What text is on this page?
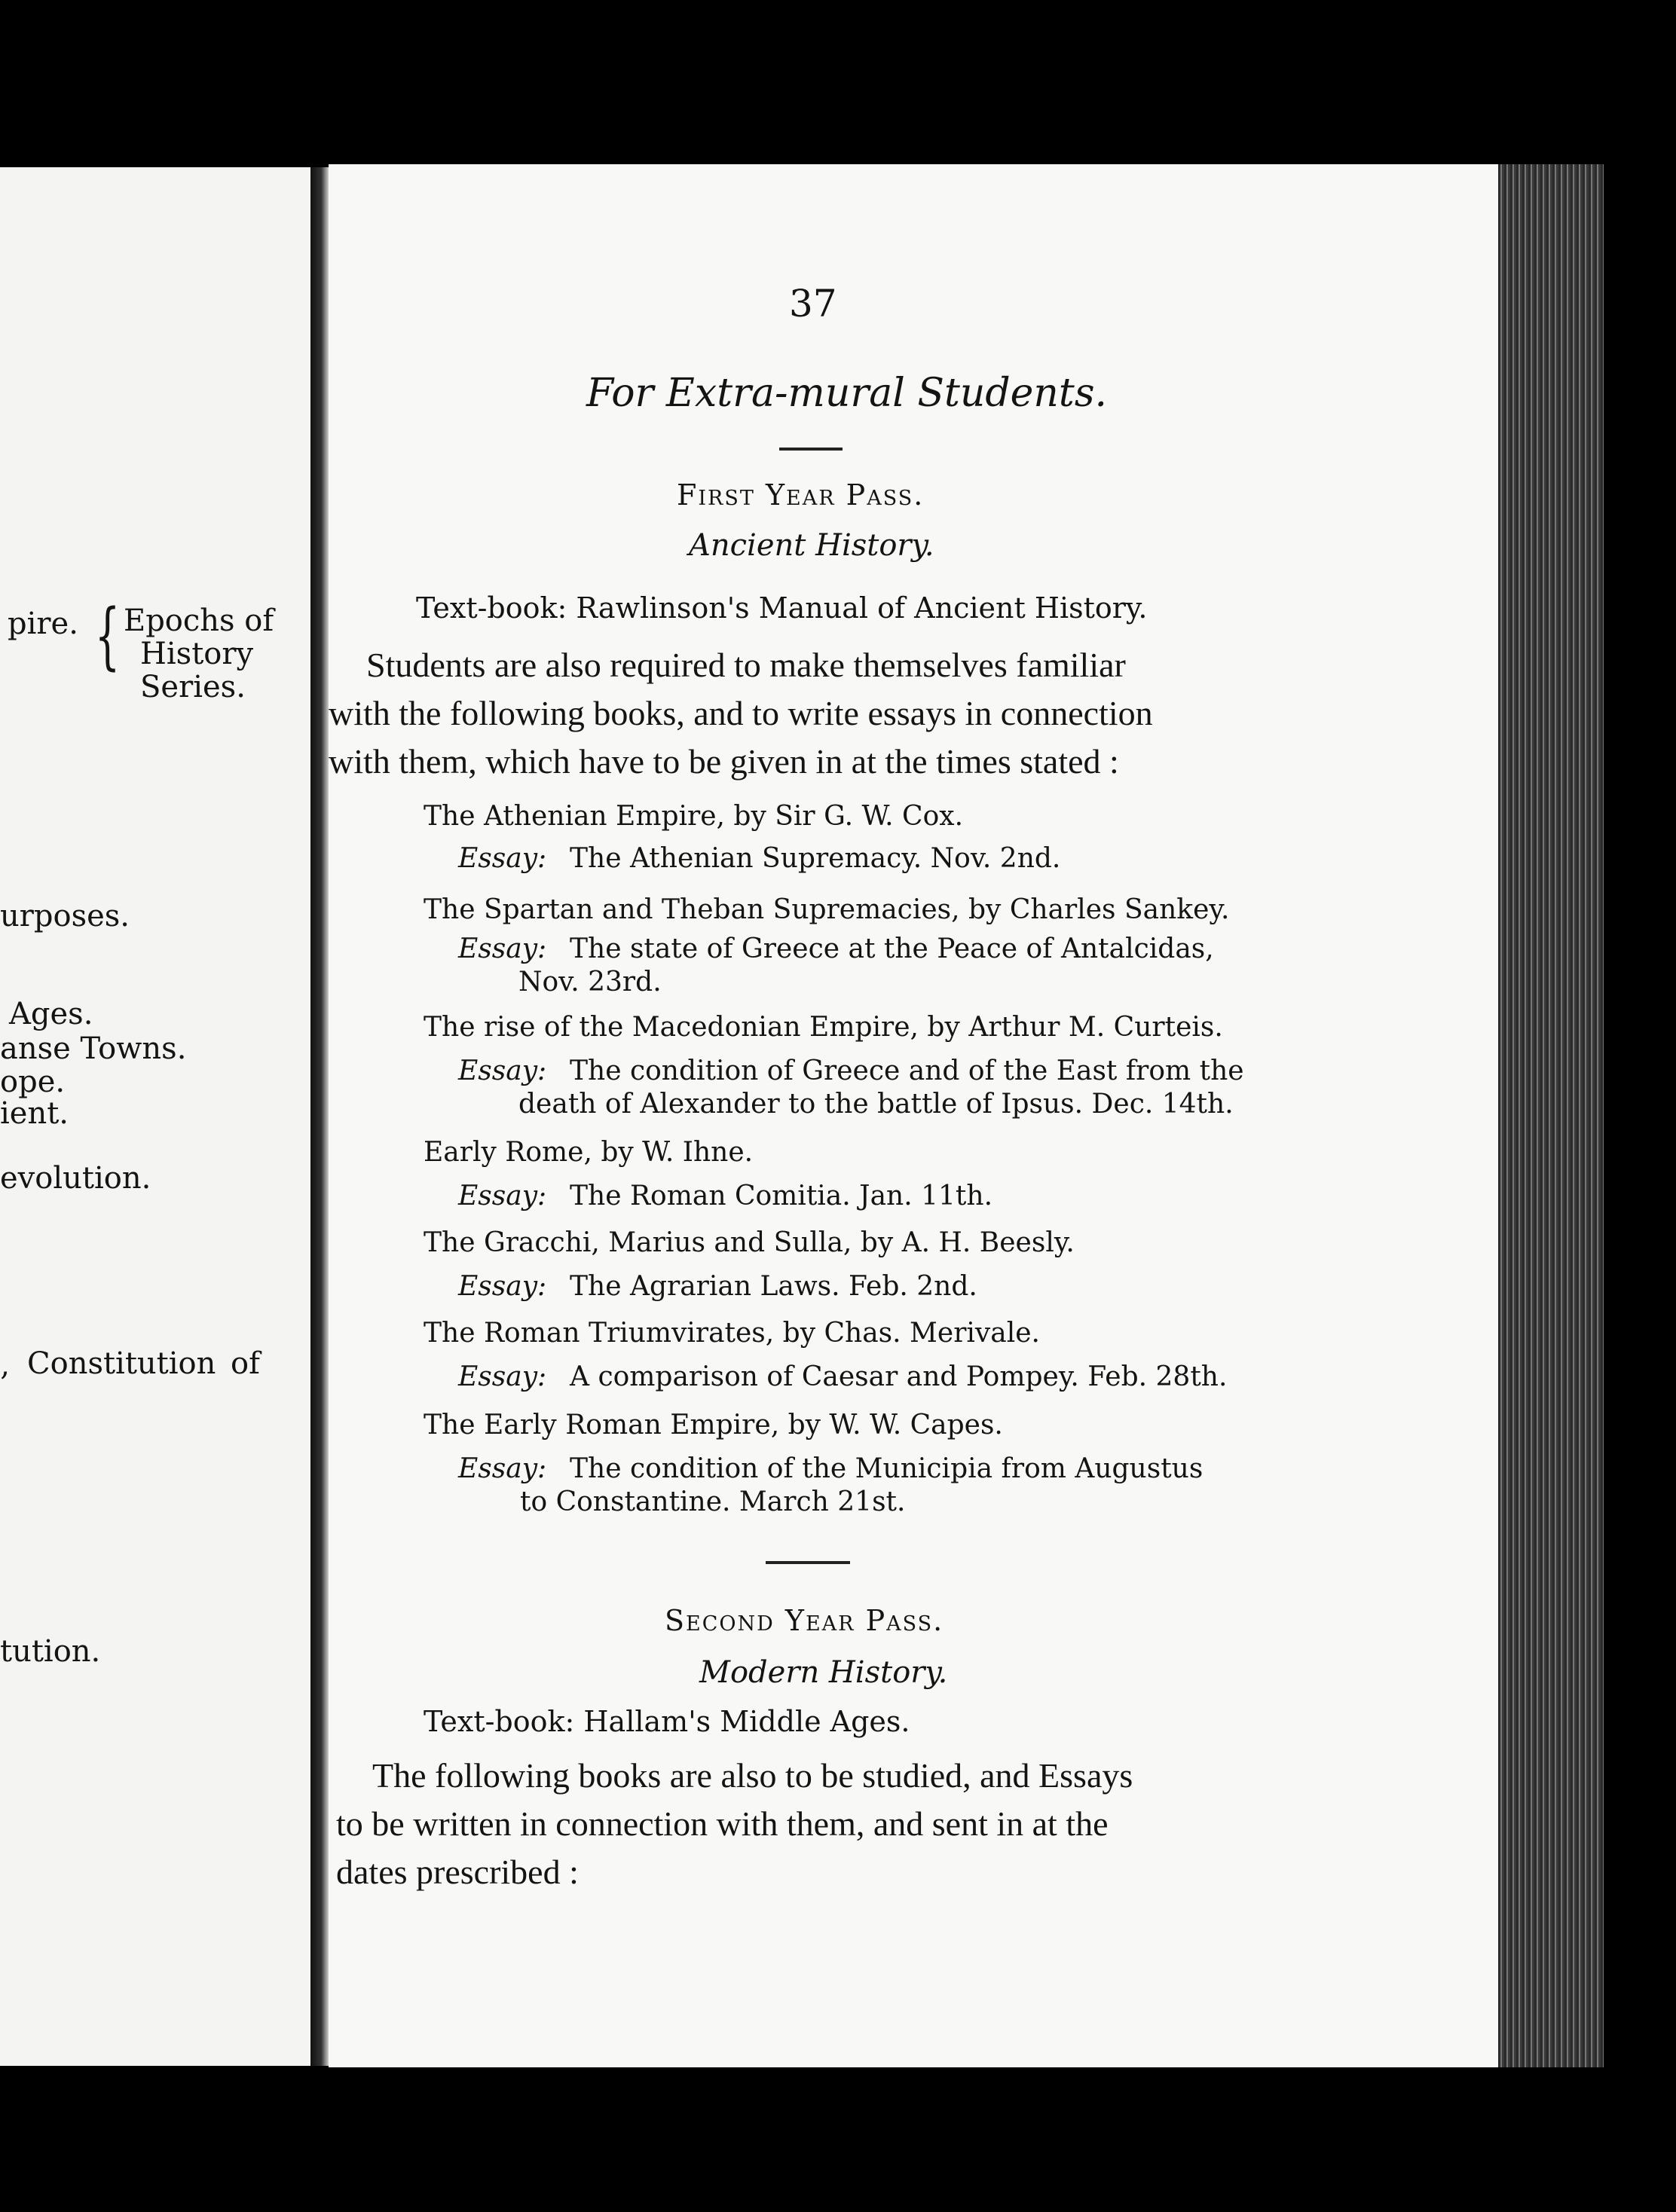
pire. { Epochs of
History
Series.
urposes.
Ages.
anse Towns.
ope.
ient.
evolution.
‚ Constitution of
tution.
37
For Extra-mural Students.
First Year Pass.
Ancient History.
Text-book: Rawlinson's Manual of Ancient History.
Students are also required to make themselves familiar
with the following books, and to write essays in connection
with them, which have to be given in at the times stated :
The Athenian Empire, by Sir G. W. Cox.
Essay: The Athenian Supremacy. Nov. 2nd.
The Spartan and Theban Supremacies, by Charles Sankey.
Essay: The state of Greece at the Peace of Antalcidas,
Nov. 23rd.
The rise of the Macedonian Empire, by Arthur M. Curteis.
Essay: The condition of Greece and of the East from the
death of Alexander to the battle of Ipsus. Dec. 14th.
Early Rome, by W. Ihne.
Essay: The Roman Comitia. Jan. 11th.
The Gracchi, Marius and Sulla, by A. H. Beesly.
Essay: The Agrarian Laws. Feb. 2nd.
The Roman Triumvirates, by Chas. Merivale.
Essay: A comparison of Caesar and Pompey. Feb. 28th.
The Early Roman Empire, by W. W. Capes.
Essay: The condition of the Municipia from Augustus
to Constantine. March 21st.
Second Year Pass.
Modern History.
Text-book: Hallam's Middle Ages.
The following books are also to be studied, and Essays
to be written in connection with them, and sent in at the
dates prescribed :
